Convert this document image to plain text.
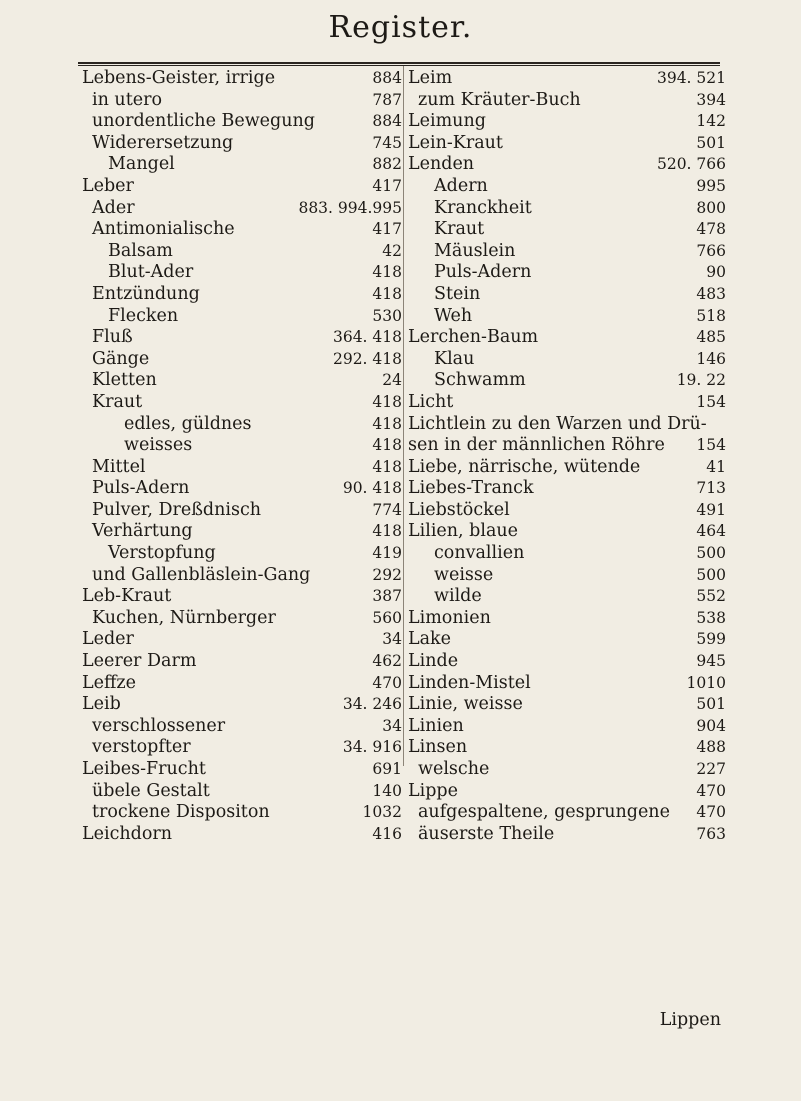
Register.
Lebens-Geister, irrige	884
in utero	787
unordentliche Bewegung	884
Widerersetzung	745
Mangel	882
Leber	417
Ader	883. 994.995
Antimonialische	417
Balsam	42
Blut-Ader	418
Entzündung	418
Flecken	530
Fluß	364. 418
Gänge	292. 418
Kletten	24
Kraut	418
edles, güldnes	418
weisses	418
Mittel	418
Puls-Adern	90. 418
Pulver, Dreßdnisch	774
Verhärtung	418
Verstopfung	419
und Gallenbläslein-Gang	292
Leb-Kraut	387
Kuchen, Nürnberger	560
Leder	34
Leerer Darm	462
Leffze	470
Leib	34. 246
verschlossener	34
verstopfter	34. 916
Leibes-Frucht	691
übele Gestalt	140
trockene Dispositon	1032
Leichdorn	416
Leim	394. 521
zum Kräuter-Buch	394
Leimung	142
Lein-Kraut	501
Lenden	520. 766
Adern	995
Kranckheit	800
Kraut	478
Mäuslein	766
Puls-Adern	90
Stein	483
Weh	518
Lerchen-Baum	485
Klau	146
Schwamm	19. 22
Licht	154
Lichtlein zu den Warzen und Drü-
sen in der männlichen Röhre 154
Liebe, närrische, wütende	41
Liebes-Tranck	713
Liebstöckel	491
Lilien, blaue	464
convallien	500
weisse	500
wilde	552
Limonien	538
Lake	599
Linde	945
Linden-Mistel	1010
Linie, weisse	501
Linien	904
Linsen	488
welsche	227
Lippe	470
aufgespaltene, gesprungene 470
äuserste Theile	763
Lippen
